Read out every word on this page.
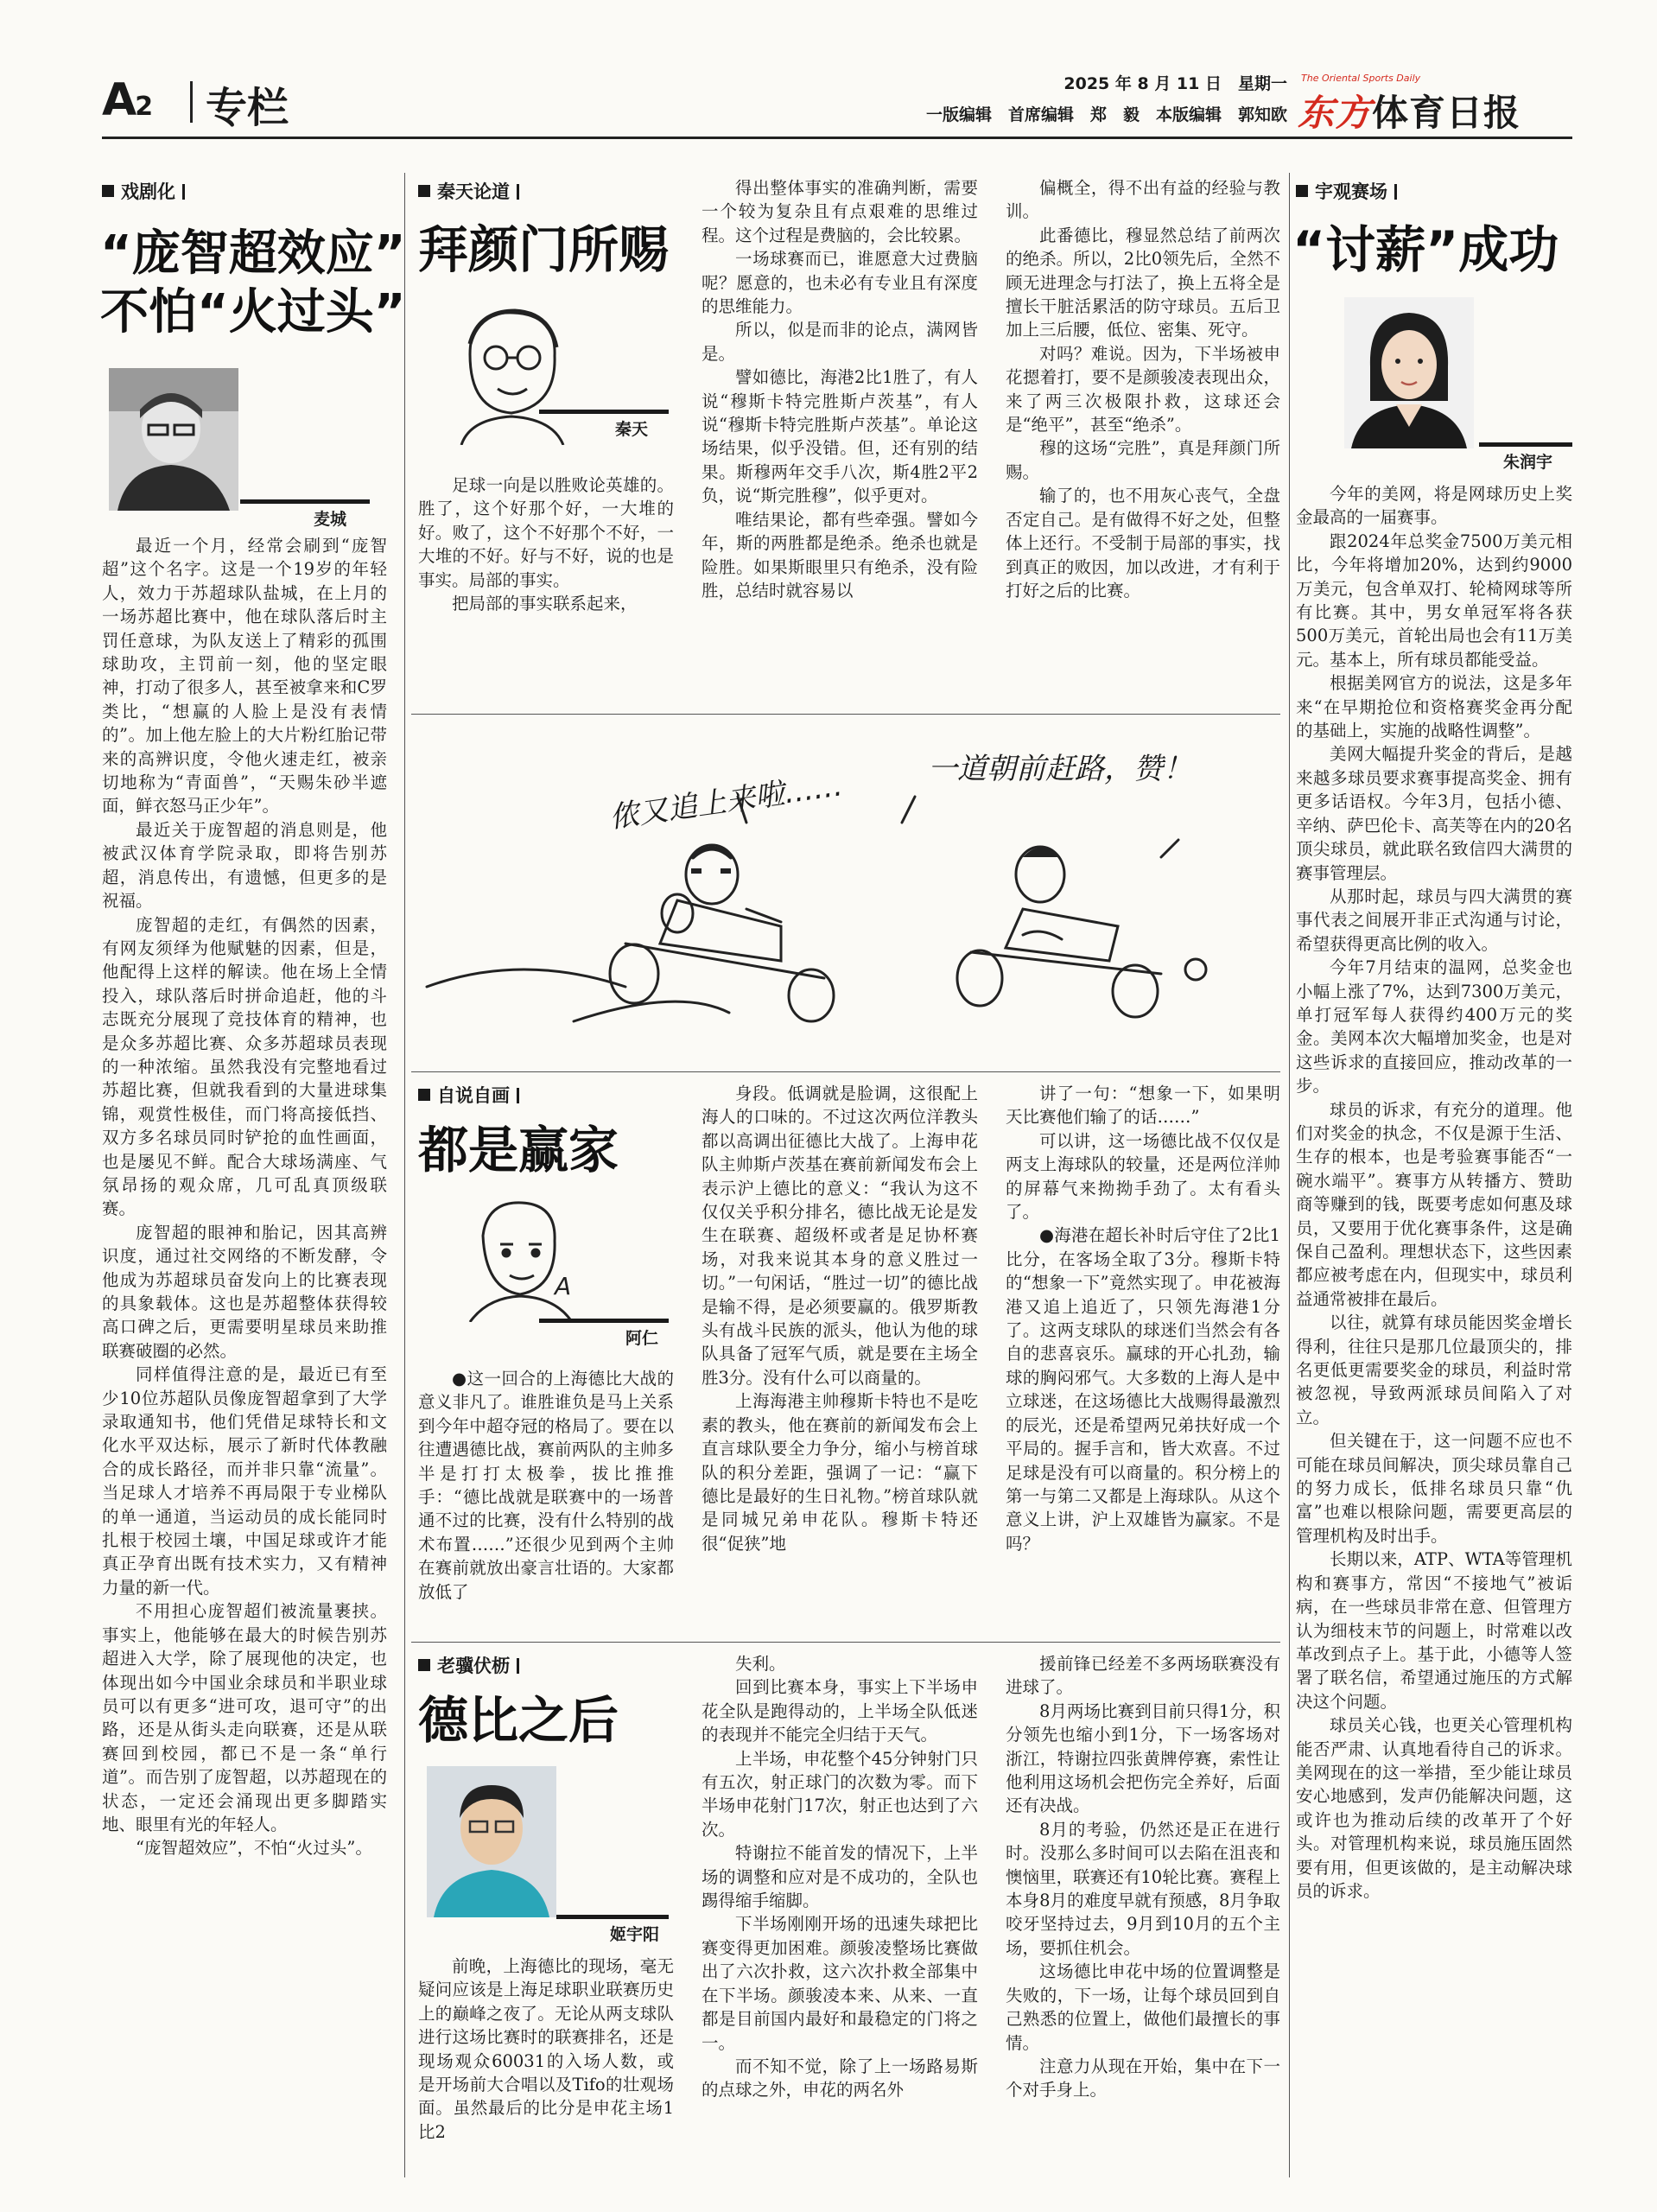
A2 专栏	2025 年 8 月 11 日　星期一
一版编辑　首席编辑　郑　毅　本版编辑　郭知欧
The Oriental Sports Daily
东方体育日报
戏剧化
“庞智超效应”
不怕“火过头”
麦城

最近一个月，经常会刷到“庞智超”这个名字。这是一个19岁的年轻人，效力于苏超球队盐城，在上月的一场苏超比赛中，他在球队落后时主罚任意球，为队友送上了精彩的孤围球助攻，主罚前一刻，他的坚定眼神，打动了很多人，甚至被拿来和C罗类比，“想赢的人脸上是没有表情的”。加上他左脸上的大片粉红胎记带来的高辨识度，令他火速走红，被亲切地称为“青面兽”，“天赐朱砂半遮面，鲜衣怒马正少年”。

最近关于庞智超的消息则是，他被武汉体育学院录取，即将告别苏超，消息传出，有遗憾，但更多的是祝福。

庞智超的走红，有偶然的因素，有网友须绎为他赋魅的因素，但是，他配得上这样的解读。他在场上全情投入，球队落后时拼命追赶，他的斗志既充分展现了竞技体育的精神，也是众多苏超比赛、众多苏超球员表现的一种浓缩。虽然我没有完整地看过苏超比赛，但就我看到的大量进球集锦，观赏性极佳，而门将高接低挡、双方多名球员同时铲抢的血性画面，也是屡见不鲜。配合大球场满座、气氛昂扬的观众席，几可乱真顶级联赛。

庞智超的眼神和胎记，因其高辨识度，通过社交网络的不断发酵，令他成为苏超球员奋发向上的比赛表现的具象载体。这也是苏超整体获得较高口碑之后，更需要明星球员来助推联赛破圈的必然。

同样值得注意的是，最近已有至少10位苏超队员像庞智超拿到了大学录取通知书，他们凭借足球特长和文化水平双达标，展示了新时代体教融合的成长路径，而并非只靠“流量”。当足球人才培养不再局限于专业梯队的单一通道，当运动员的成长能同时扎根于校园土壤，中国足球或许才能真正孕育出既有技术实力，又有精神力量的新一代。

不用担心庞智超们被流量裹挟。事实上，他能够在最大的时候告别苏超进入大学，除了展现他的决定，也体现出如今中国业余球员和半职业球员可以有更多“进可攻，退可守”的出路，还是从街头走向联赛，还是从联赛回到校园，都已不是一条“单行道”。而告别了庞智超，以苏超现在的状态，一定还会涌现出更多脚踏实地、眼里有光的年轻人。

“庞智超效应”，不怕“火过头”。

秦天论道
拜颜门所赐
秦天

足球一向是以胜败论英雄的。胜了，这个好那个好，一大堆的好。败了，这个不好那个不好，一大堆的不好。好与不好，说的也是事实。局部的事实。

把局部的事实联系起来，

得出整体事实的准确判断，需要一个较为复杂且有点艰难的思维过程。这个过程是费脑的，会比较累。

一场球赛而已，谁愿意大过费脑呢？愿意的，也未必有专业且有深度的思维能力。

所以，似是而非的论点，满网皆是。

譬如德比，海港2比1胜了，有人说“穆斯卡特完胜斯卢茨基”，有人说“穆斯卡特完胜斯卢茨基”。单论这场结果，似乎没错。但，还有别的结果。斯穆两年交手八次，斯4胜2平2负，说“斯完胜穆”，似乎更对。

唯结果论，都有些牵强。譬如今年，斯的两胜都是绝杀。绝杀也就是险胜。如果斯眼里只有绝杀，没有险胜，总结时就容易以

偏概全，得不出有益的经验与教训。

此番德比，穆显然总结了前两次的绝杀。所以，2比0领先后，全然不顾无进理念与打法了，换上五将全是擅长干脏活累活的防守球员。五后卫加上三后腰，低位、密集、死守。

对吗？难说。因为，下半场被申花摁着打，要不是颜骏凌表现出众，来了两三次极限扑救，这球还会是“绝平”，甚至“绝杀”。

穆的这场“完胜”，真是拜颜门所赐。

输了的，也不用灰心丧气，全盘否定自己。是有做得不好之处，但整体上还行。不受制于局部的事实，找到真正的败因，加以改进，才有利于打好之后的比赛。

侬又追上来啦……	一道朝前赶路，赞！
自说自画
都是赢家
A
阿仁

●这一回合的上海德比大战的意义非凡了。谁胜谁负是马上关系到今年中超夺冠的格局了。要在以往遭遇德比战，赛前两队的主帅多半是打打太极拳，拔比推推手：“德比战就是联赛中的一场普通不过的比赛，没有什么特别的战术布置……”还很少见到两个主帅在赛前就放出豪言壮语的。大家都放低了

身段。低调就是脸调，这很配上海人的口味的。不过这次两位洋教头都以高调出征德比大战了。上海申花队主帅斯卢茨基在赛前新闻发布会上表示沪上德比的意义：“我认为这不仅仅关乎积分排名，德比战无论是发生在联赛、超级杯或者是足协杯赛场，对我来说其本身的意义胜过一切。”一句闲话，“胜过一切”的德比战是输不得，是必须要赢的。俄罗斯教头有战斗民族的派头，他认为他的球队具备了冠军气质，就是要在主场全胜3分。没有什么可以商量的。

上海海港主帅穆斯卡特也不是吃素的教头，他在赛前的新闻发布会上直言球队要全力争分，缩小与榜首球队的积分差距，强调了一记：“赢下德比是最好的生日礼物。”榜首球队就是同城兄弟申花队。穆斯卡特还很“促狭”地

讲了一句：“想象一下，如果明天比赛他们输了的话……”

可以讲，这一场德比战不仅仅是两支上海球队的较量，还是两位洋帅的屏幕气来拗拗手劲了。太有看头了。

●海港在超长补时后守住了2比1比分，在客场全取了3分。穆斯卡特的“想象一下”竟然实现了。申花被海港又追上追近了，只领先海港1分了。这两支球队的球迷们当然会有各自的悲喜哀乐。赢球的开心扎劲，输球的胸闷邪气。大多数的上海人是中立球迷，在这场德比大战赐得最激烈的辰光，还是希望两兄弟扶好成一个平局的。握手言和，皆大欢喜。不过足球是没有可以商量的。积分榜上的第一与第二又都是上海球队。从这个意义上讲，沪上双雄皆为赢家。不是吗？

老骥伏枥
德比之后
姬宇阳

前晚，上海德比的现场，毫无疑问应该是上海足球职业联赛历史上的巅峰之夜了。无论从两支球队进行这场比赛时的联赛排名，还是现场观众60031的入场人数，或是开场前大合唱以及Tifo的壮观场面。虽然最后的比分是申花主场1比2

失利。

回到比赛本身，事实上下半场申花全队是跑得动的，上半场全队低迷的表现并不能完全归结于天气。

上半场，申花整个45分钟射门只有五次，射正球门的次数为零。而下半场申花射门17次，射正也达到了六次。

特谢拉不能首发的情况下，上半场的调整和应对是不成功的，全队也踢得缩手缩脚。

下半场刚刚开场的迅速失球把比赛变得更加困难。颜骏凌整场比赛做出了六次扑救，这六次扑救全部集中在下半场。颜骏凌本来、从来、一直都是目前国内最好和最稳定的门将之一。

而不知不觉，除了上一场路易斯的点球之外，申花的两名外

援前锋已经差不多两场联赛没有进球了。

8月两场比赛到目前只得1分，积分领先也缩小到1分，下一场客场对浙江，特谢拉四张黄牌停赛，索性让他利用这场机会把伤完全养好，后面还有决战。

8月的考验，仍然还是正在进行时。没那么多时间可以去陷在沮丧和懊恼里，联赛还有10轮比赛。赛程上本身8月的难度早就有预感，8月争取咬牙坚持过去，9月到10月的五个主场，要抓住机会。

这场德比申花中场的位置调整是失败的，下一场，让每个球员回到自己熟悉的位置上，做他们最擅长的事情。

注意力从现在开始，集中在下一个对手身上。

宇观赛场
“讨薪”成功
朱润宇

今年的美网，将是网球历史上奖金最高的一届赛事。

跟2024年总奖金7500万美元相比，今年将增加20%，达到约9000万美元，包含单双打、轮椅网球等所有比赛。其中，男女单冠军将各获500万美元，首轮出局也会有11万美元。基本上，所有球员都能受益。

根据美网官方的说法，这是多年来“在早期抢位和资格赛奖金再分配的基础上，实施的战略性调整”。

美网大幅提升奖金的背后，是越来越多球员要求赛事提高奖金、拥有更多话语权。今年3月，包括小德、辛纳、萨巴伦卡、高芙等在内的20名顶尖球员，就此联名致信四大满贯的赛事管理层。

从那时起，球员与四大满贯的赛事代表之间展开非正式沟通与讨论，希望获得更高比例的收入。

今年7月结束的温网，总奖金也小幅上涨了7%，达到7300万美元，单打冠军每人获得约400万元的奖金。美网本次大幅增加奖金，也是对这些诉求的直接回应，推动改革的一步。

球员的诉求，有充分的道理。他们对奖金的执念，不仅是源于生活、生存的根本，也是考验赛事能否“一碗水端平”。赛事方从转播方、赞助商等赚到的钱，既要考虑如何惠及球员，又要用于优化赛事条件，这是确保自己盈利。理想状态下，这些因素都应被考虑在内，但现实中，球员利益通常被排在最后。

以往，就算有球员能因奖金增长得利，往往只是那几位最顶尖的，排名更低更需要奖金的球员，利益时常被忽视，导致两派球员间陷入了对立。

但关键在于，这一问题不应也不可能在球员间解决，顶尖球员靠自己的努力成长，低排名球员只靠“仇富”也难以根除问题，需要更高层的管理机构及时出手。

长期以来，ATP、WTA等管理机构和赛事方，常因“不接地气”被诟病，在一些球员非常在意、但管理方认为细枝末节的问题上，时常难以改革改到点子上。基于此，小德等人签署了联名信，希望通过施压的方式解决这个问题。

球员关心钱，也更关心管理机构能否严肃、认真地看待自己的诉求。美网现在的这一举措，至少能让球员安心地感到，发声仍能解决问题，这或许也为推动后续的改革开了个好头。对管理机构来说，球员施压固然要有用，但更该做的，是主动解决球员的诉求。
